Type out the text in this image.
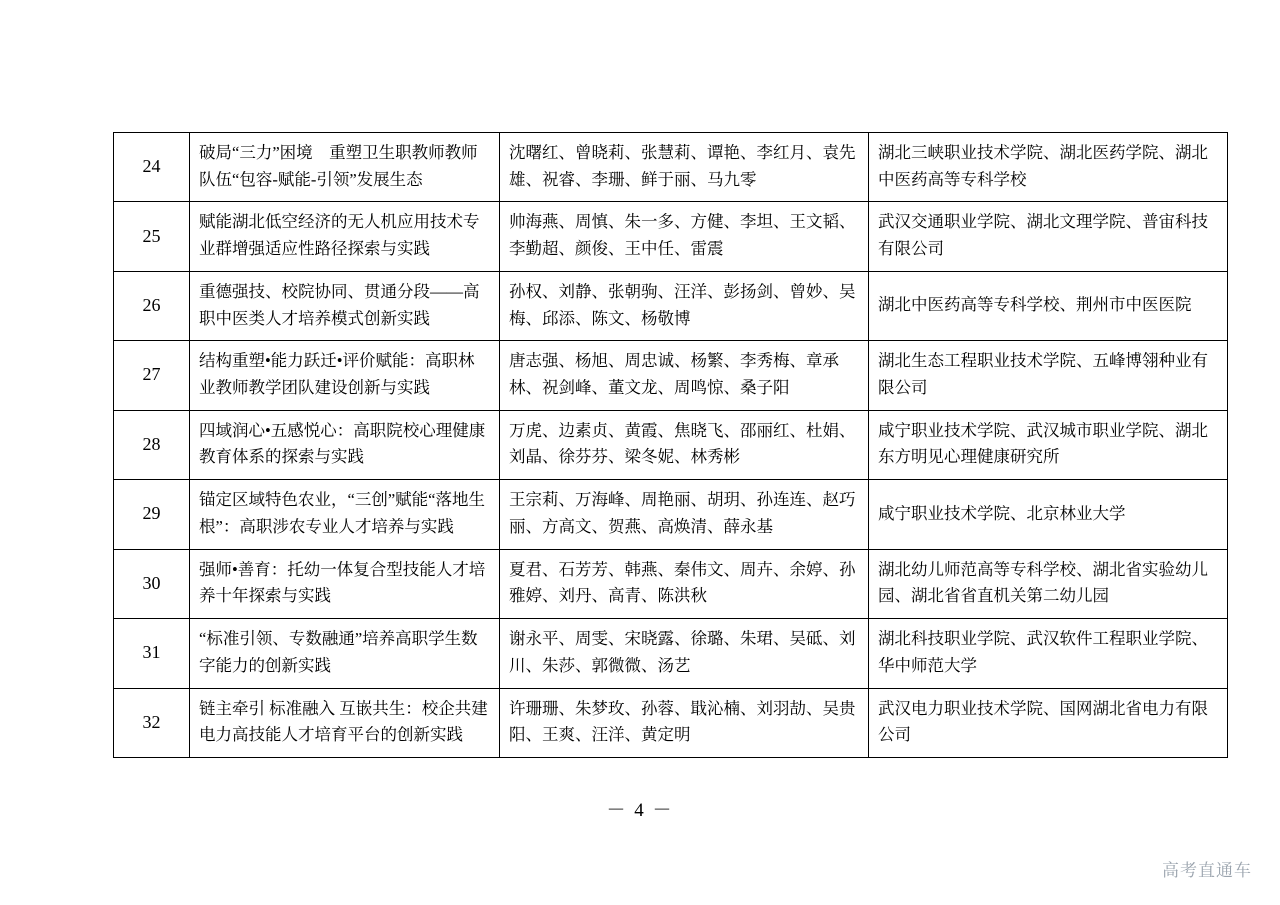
24	破局“三力”困境　重塑卫生职教师教师队伍“包容-赋能-引领”发展生态	沈曙红、曾晓莉、张慧莉、谭艳、李红月、袁先雄、祝睿、李珊、鲜于丽、马九零	湖北三峡职业技术学院、湖北医药学院、湖北中医药高等专科学校
25	赋能湖北低空经济的无人机应用技术专业群增强适应性路径探索与实践	帅海燕、周慎、朱一多、方健、李坦、王文韬、李勤超、颜俊、王中任、雷震	武汉交通职业学院、湖北文理学院、普宙科技有限公司
26	重德强技、校院协同、贯通分段——高职中医类人才培养模式创新实践	孙权、刘静、张朝驹、汪洋、彭扬剑、曾妙、吴梅、邱添、陈文、杨敬博	湖北中医药高等专科学校、荆州市中医医院
27	结构重塑•能力跃迁•评价赋能：高职林业教师教学团队建设创新与实践	唐志强、杨旭、周忠诚、杨繁、李秀梅、章承林、祝剑峰、董文龙、周鸣惊、桑子阳	湖北生态工程职业技术学院、五峰博翎种业有限公司
28	四域润心•五感悦心：高职院校心理健康教育体系的探索与实践	万虎、边素贞、黄霞、焦晓飞、邵丽红、杜娟、刘晶、徐芬芬、梁冬妮、林秀彬	咸宁职业技术学院、武汉城市职业学院、湖北东方明见心理健康研究所
29	锚定区域特色农业，“三创”赋能“落地生根”：高职涉农专业人才培养与实践	王宗莉、万海峰、周艳丽、胡玥、孙连连、赵巧丽、方高文、贺燕、高焕清、薛永基	咸宁职业技术学院、北京林业大学
30	强师•善育：托幼一体复合型技能人才培养十年探索与实践	夏君、石芳芳、韩燕、秦伟文、周卉、余婷、孙雅婷、刘丹、高青、陈洪秋	湖北幼儿师范高等专科学校、湖北省实验幼儿园、湖北省省直机关第二幼儿园
31	“标准引领、专数融通”培养高职学生数字能力的创新实践	谢永平、周雯、宋晓露、徐璐、朱珺、吴砥、刘川、朱莎、郭微微、汤艺	湖北科技职业学院、武汉软件工程职业学院、华中师范大学
32	链主牵引 标准融入 互嵌共生：校企共建电力高技能人才培育平台的创新实践	许珊珊、朱梦玫、孙蓉、戢沁楠、刘羽劼、吴贵阳、王爽、汪洋、黄定明	武汉电力职业技术学院、国网湖北省电力有限公司
－ 4 －
高考直通车
